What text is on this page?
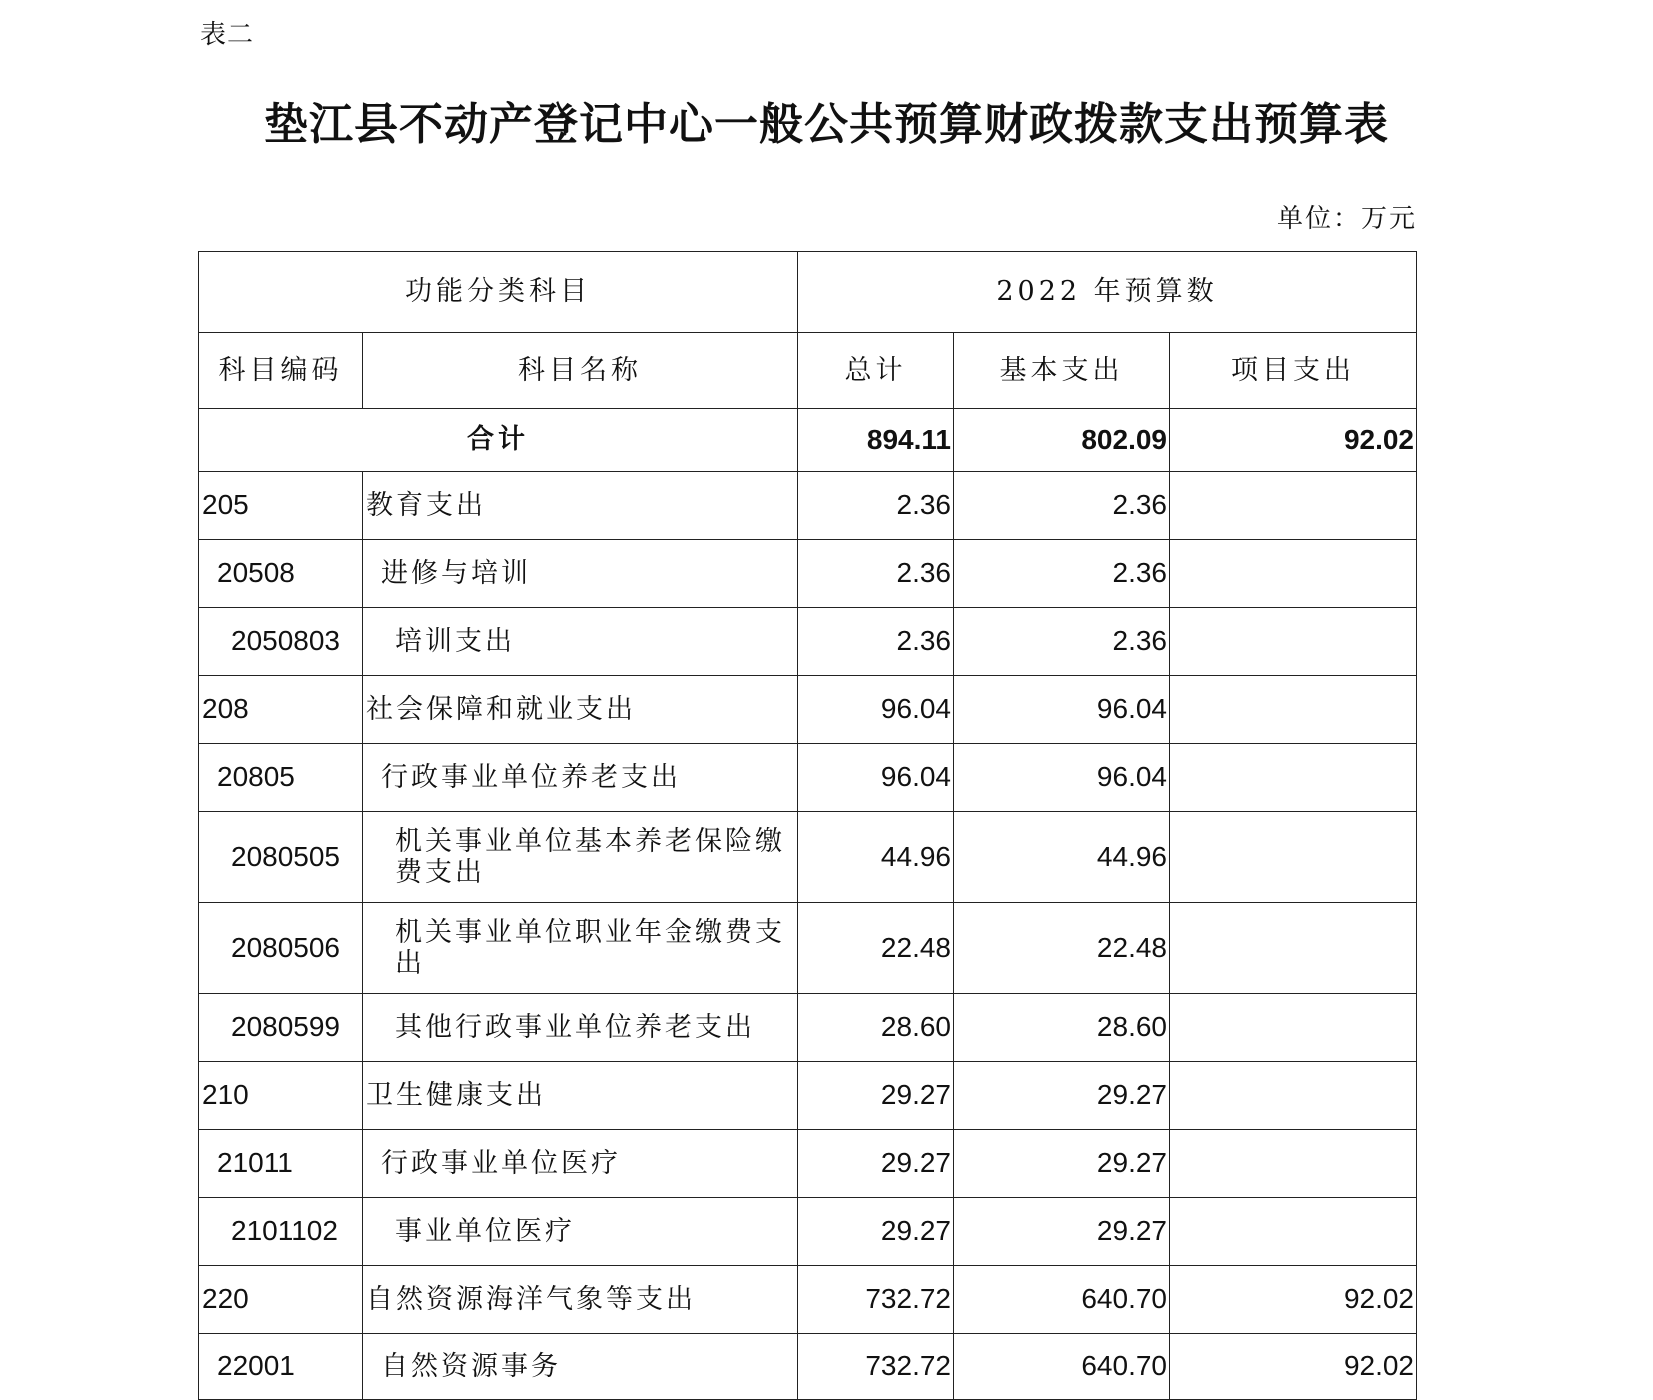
表二
垫江县不动产登记中心一般公共预算财政拨款支出预算表
单位：万元
功能分类科目		2022 年预算数		
科目编码	科目名称	总计	基本支出	项目支出
合计		894.11	802.09	92.02
205	教育支出	2.36	2.36	
20508	进修与培训	2.36	2.36	
2050803	培训支出	2.36	2.36	
208	社会保障和就业支出	96.04	96.04	
20805	行政事业单位养老支出	96.04	96.04	
2080505	机关事业单位基本养老保险缴费支出	44.96	44.96	
2080506	机关事业单位职业年金缴费支出	22.48	22.48	
2080599	其他行政事业单位养老支出	28.60	28.60	
210	卫生健康支出	29.27	29.27	
21011	行政事业单位医疗	29.27	29.27	
2101102	事业单位医疗	29.27	29.27	
220	自然资源海洋气象等支出	732.72	640.70	92.02
22001	自然资源事务	732.72	640.70	92.02
